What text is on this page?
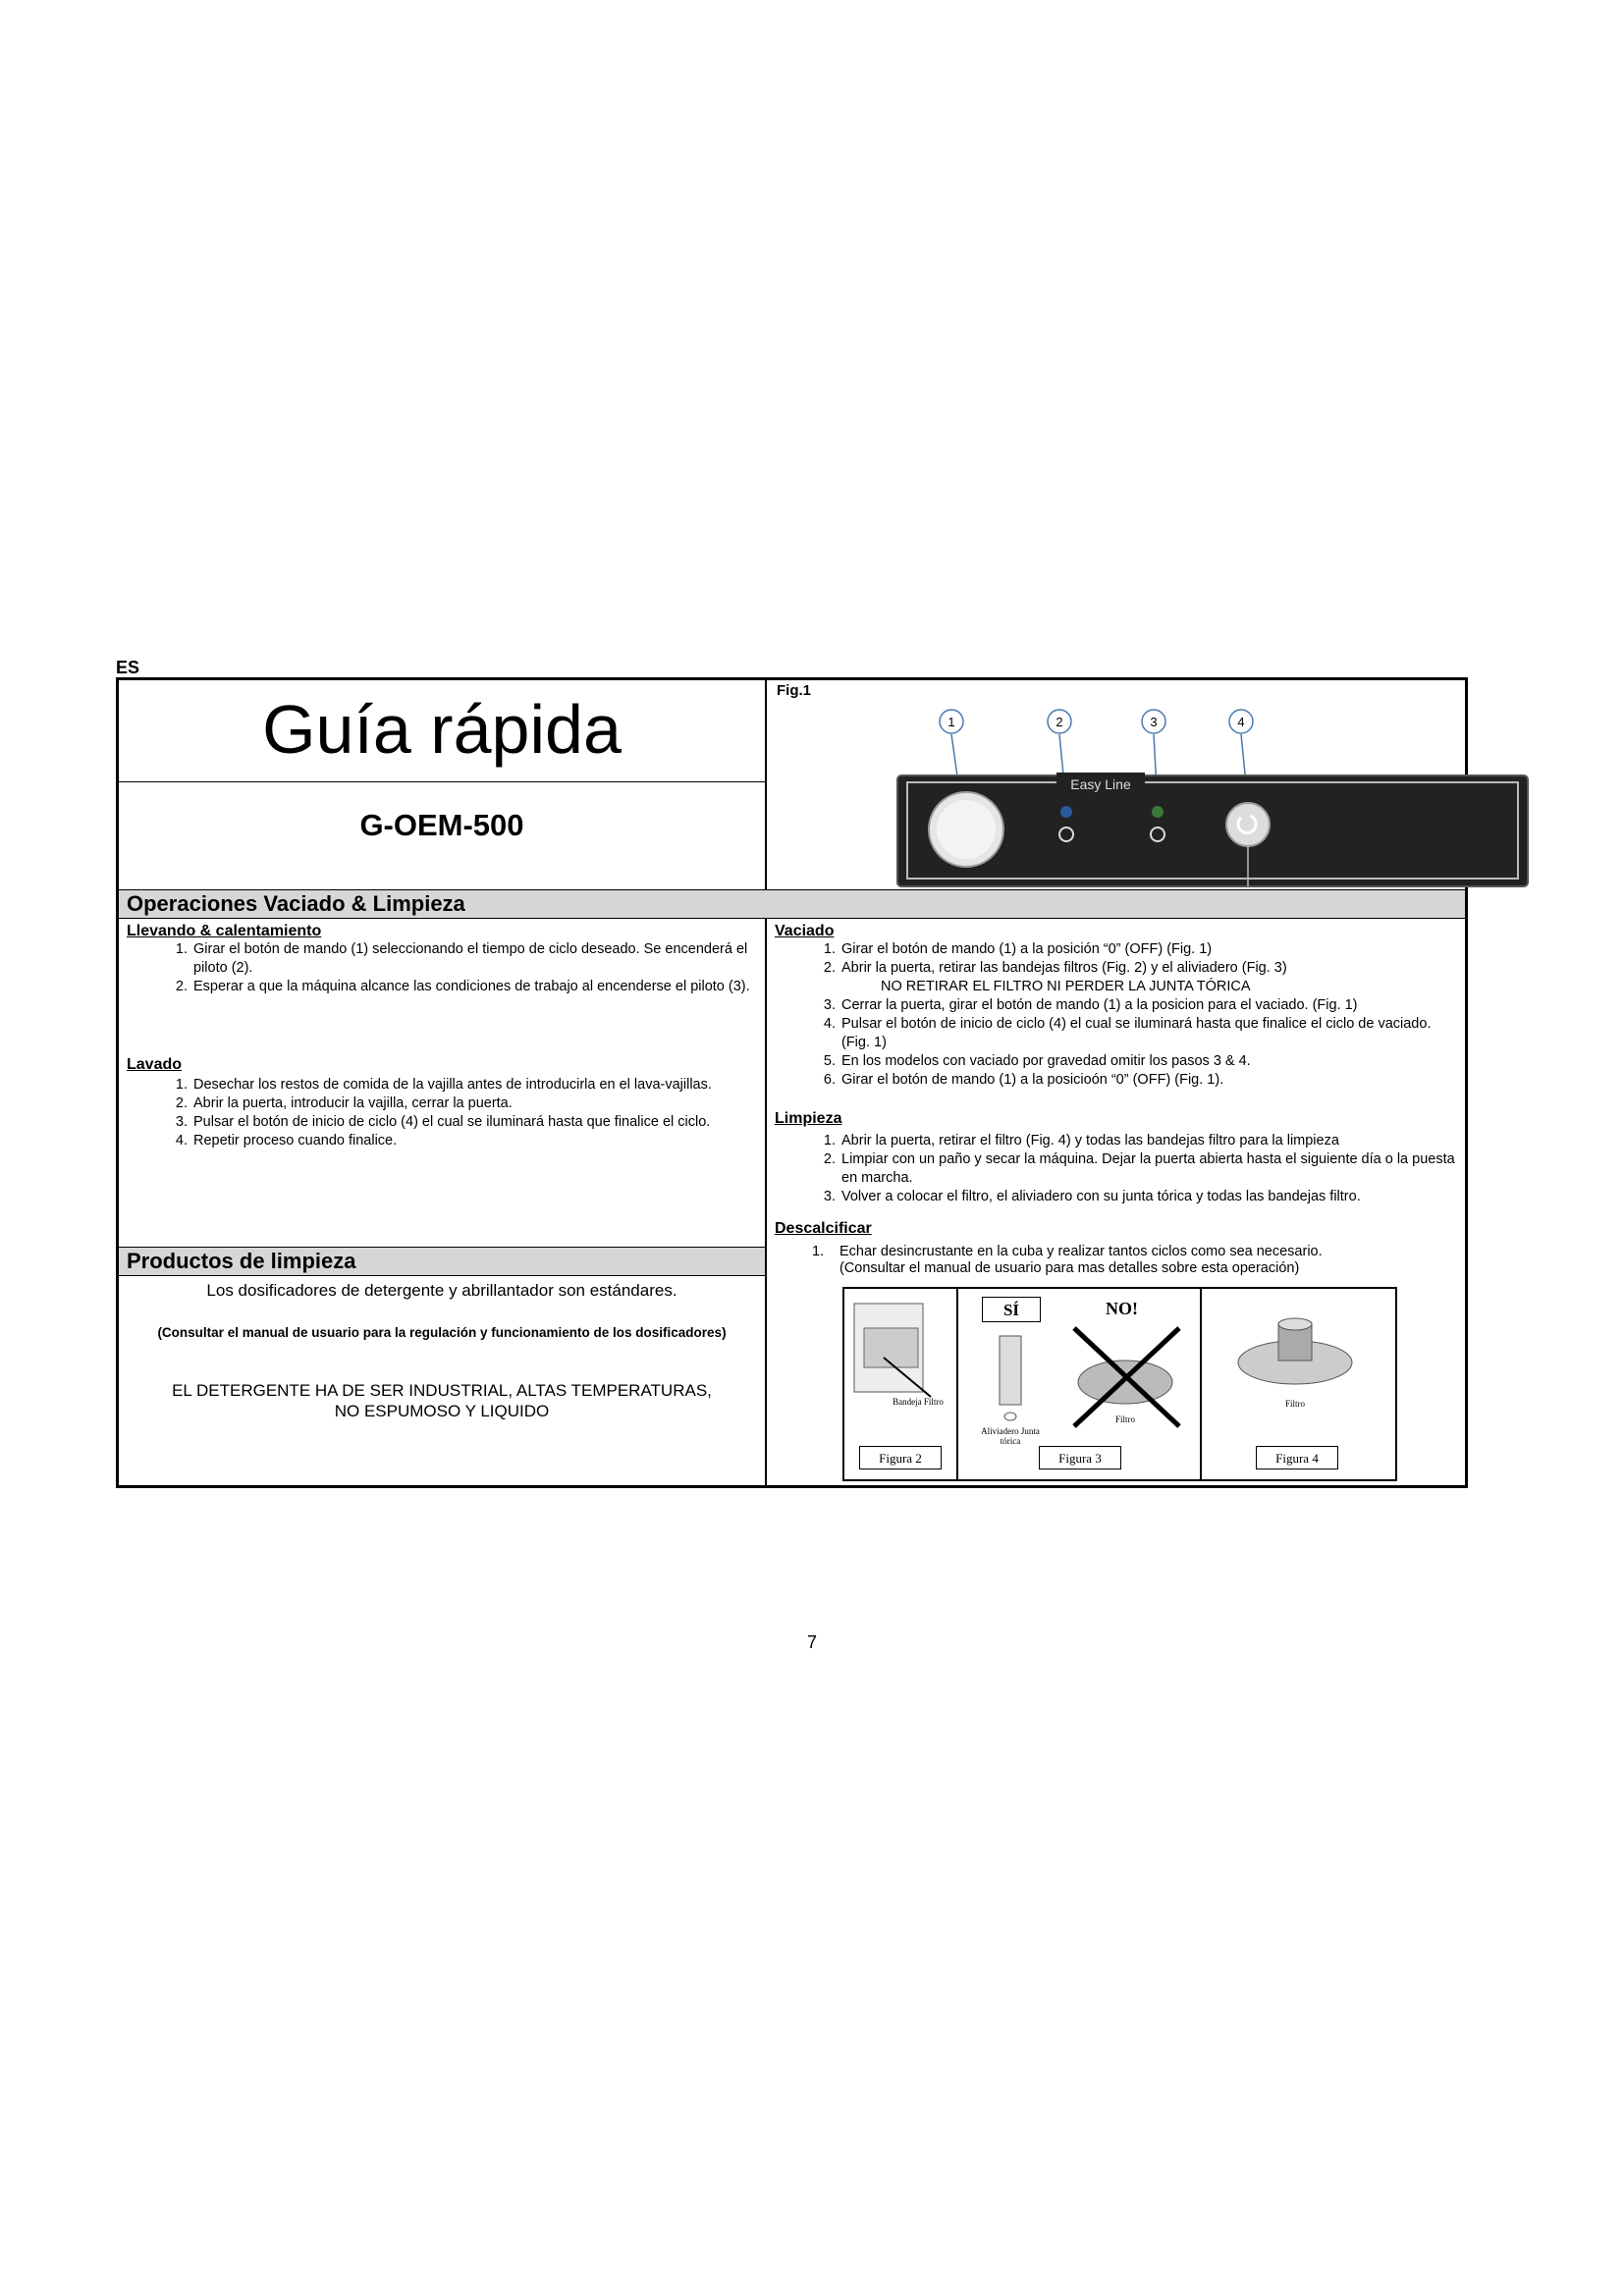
ES
Guía rápida
G-OEM-500
Fig.1
1	2	3	4
Easy Line
Operaciones Vaciado & Limpieza
Llevando & calentamiento
1. Girar el botón de mando (1) seleccionando el tiempo de ciclo deseado. Se encenderá el piloto (2).
2. Esperar a que la máquina alcance las condiciones de trabajo al encenderse el piloto (3).
Lavado
1. Desechar los restos de comida de la vajilla antes de introducirla en el lava-vajillas.
2. Abrir la puerta, introducir la vajilla, cerrar la puerta.
3. Pulsar el botón de inicio de ciclo (4) el cual se iluminará hasta que finalice el ciclo.
4. Repetir proceso cuando finalice.
Productos de limpieza
Los dosificadores de detergente y abrillantador son estándares.
(Consultar el manual de usuario para la regulación y funcionamiento de los dosificadores)
EL DETERGENTE HA DE SER INDUSTRIAL, ALTAS TEMPERATURAS,
NO ESPUMOSO Y LIQUIDO
Vaciado
1. Girar el botón de mando (1) a la posición “0” (OFF) (Fig. 1)
2. Abrir la puerta, retirar las bandejas filtros (Fig. 2) y el aliviadero (Fig. 3)
NO RETIRAR EL FILTRO NI PERDER LA JUNTA TÓRICA
3. Cerrar la puerta, girar el botón de mando (1) a la posicion para el vaciado. (Fig. 1)
4. Pulsar el botón de inicio de ciclo (4) el cual se iluminará hasta que finalice el ciclo de vaciado. (Fig. 1)
5. En los modelos con vaciado por gravedad omitir los pasos 3 & 4.
6. Girar el botón de mando (1) a la posicioón “0” (OFF) (Fig. 1).
Limpieza
1. Abrir la puerta, retirar el filtro (Fig. 4) y todas las bandejas filtro para la limpieza
2. Limpiar con un paño y secar la máquina. Dejar la puerta abierta hasta el siguiente día o la puesta en marcha.
3. Volver a colocar el filtro, el aliviadero con su junta tórica y todas las bandejas filtro.
Descalcificar
1.	Echar desincrustante en la cuba y realizar tantos ciclos como sea necesario.
(Consultar el manual de usuario para mas detalles sobre esta operación)
Bandeja Filtro
Figura 2
SÍ	NO!
Aliviadero Junta tórica
Filtro
Figura 3
Filtro
Figura 4
7
